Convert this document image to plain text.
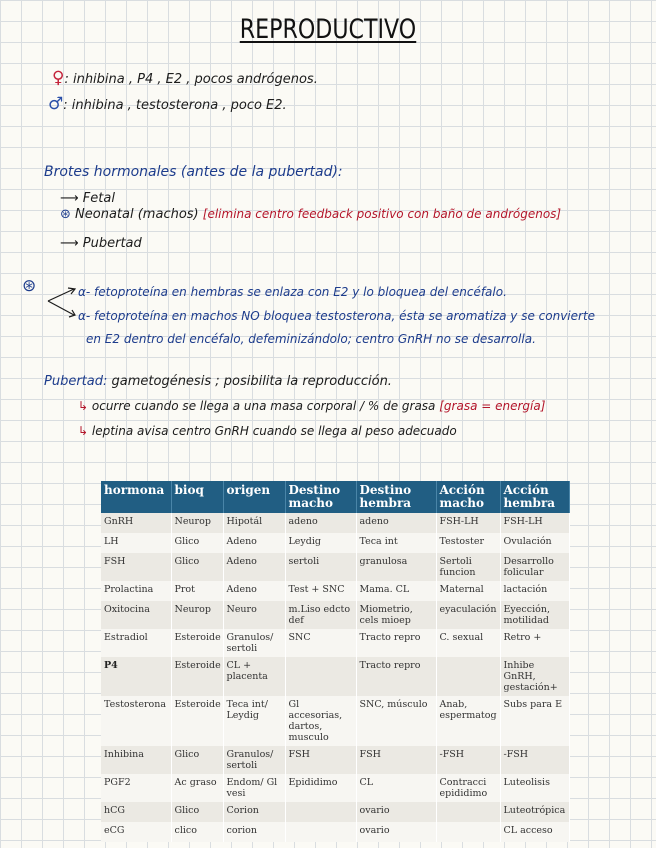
REPRODUCTIVO
♀: inhibina , P4 , E2 , pocos andrógenos.
♂: inhibina , testosterona , poco E2.
Brotes hormonales (antes de la pubertad):
⟶ Fetal
⊛ Neonatal (machos) [elimina centro feedback positivo con baño de andrógenos]
⟶ Pubertad
⊛	α- fetoproteína en hembras se enlaza con E2 y lo bloquea del encéfalo.
α- fetoproteína en machos NO bloquea testosterona, ésta se aromatiza y se convierte
en E2 dentro del encéfalo, defeminizándolo; centro GnRH no se desarrolla.
Pubertad: gametogénesis ; posibilita la reproducción.
↳ ocurre cuando se llega a una masa corporal / % de grasa [grasa = energía]
↳ leptina avisa centro GnRH cuando se llega al peso adecuado
hormona	bioq	origen	Destino macho	Destino hembra	Acción macho	Acción hembra
GnRH	Neurop	Hipotál	adeno	adeno	FSH-LH	FSH-LH
LH	Glico	Adeno	Leydig	Teca int	Testoster	Ovulación
FSH	Glico	Adeno	sertoli	granulosa	Sertoli funcion	Desarrollo folicular
Prolactina	Prot	Adeno	Test + SNC	Mama. CL	Maternal	lactación
Oxitocina	Neurop	Neuro	m.Liso edcto def	Miometrio, cels mioep	eyaculación	Eyección, motilidad
Estradiol	Esteroide	Granulos/ sertoli	SNC	Tracto repro	C. sexual	Retro +
P4	Esteroide	CL + placenta		Tracto repro		Inhibe GnRH, gestación+
Testosterona	Esteroide	Teca int/ Leydig	Gl accesorias, dartos, musculo	SNC, músculo	Anab, espermatog	Subs para E
Inhibina	Glico	Granulos/ sertoli	FSH	FSH	-FSH	-FSH
PGF2	Ac graso	Endom/ Gl vesi	Epididimo	CL	Contracci epididimo	Luteolisis
hCG	Glico	Corion		ovario		Luteotrópica
eCG	clico	corion		ovario		CL acceso
